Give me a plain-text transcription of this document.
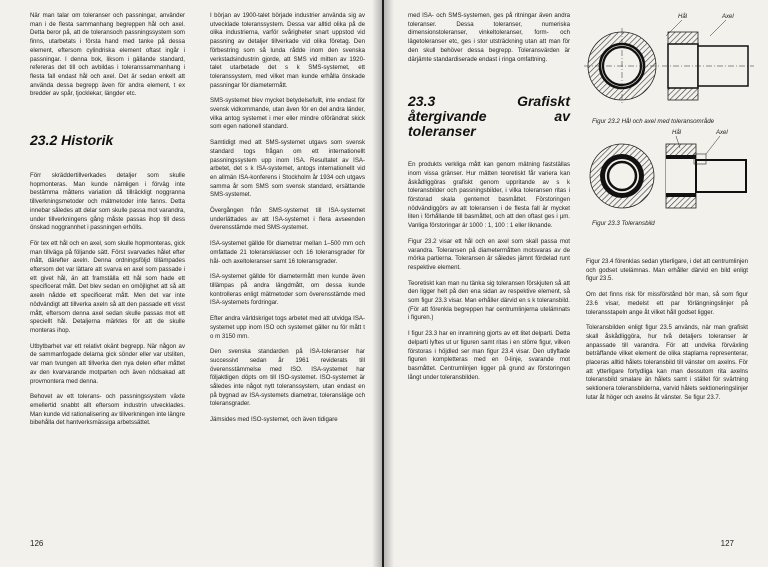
När man talar om toleranser och passningar, använder man i de flesta sammanhang begreppen hål och axel. Detta beror på, att de toleransoch passningssystem som finns, utarbetats i första hand med tanke på dessa element, eftersom cylindriska element oftast ingår i passningar. I denna bok, liksom i gällande standard, refereras det till och avbildas i toleranssammanhang i flesta fall endast hål och axel. Det är sedan enkelt att använda dessa begrepp även för andra element, t ex bredder av spår, tjocklekar, längder etc.

23.2 Historik

Förr skräddertillverkades detaljer som skulle hopmonteras. Man kunde nämligen i förväg inte bestämma måttens variation då tillräckligt noggranna tillverkningsmetoder och mätmetoder inte fanns. Detta innebar således att delar som skulle passa mot varandra, under tillverkningens gång måste passas ihop till dess önskad noggrannhet i passningen erhölls.

För tex ett hål och en axel, som skulle hopmonteras, gick man tillväga på följande sätt. Först svarvades hålet efter mått, därefter axeln. Denna ordningsföljd tillämpades eftersom det var lättare att svarva en axel som passade i ett givet hål, än att framställa ett hål som hade ett specificerat mått. Det blev sedan en omöjlighet att så att axeln nådde ett specificerat mått. Men det var inte nödvändigt att tillverka axeln så att den passade ett visst mått, eftersom denna axel sedan skulle passas mot ett speciellt hål. Detaljerna märktes för att de skulle monteras ihop.

Utbytbarhet var ett relativt okänt begrepp. När någon av de sammanfogade delarna gick sönder eller var utsliten, var man tvungen att tillverka den nya delen efter måttet av den kvarvarande motparten och även nödsakad att provmontera med denna.

Behovet av ett tolerans- och passningssystem växte emellertid snabbt allt eftersom industrin utvecklades. Man kunde vid rationalisering av tillverkningen inte längre bibehålla det hantverksmässiga arbetssättet.

I början av 1900-talet började industrier använda sig av utvecklade toleranssystem. Dessa var alltid olika på de olika industrierna, varför svårigheter snart uppstod vid passning av detaljer tillverkade vid olika företag. Den förbestring som så lunda rådde inom den svenska verkstadsindustrin gjorde, att SMS vid mitten av 1920-talet utarbetade det s k SMS-systemet, ett toleranssystem, med vilket man kunde erhålla önskade passningar för diametermått.

SMS-systemet blev mycket betydelsefullt, inte endast för svensk vidkommande, utan även för en del andra länder, vilka antog systemet i mer eller mindre oförändrat skick som egen nationell standard.

Samtidigt med att SMS-systemet utgavs som svensk standard togs frågan om ett internationellt passningssystem upp inom ISA. Resultatet av ISA-arbetet, det s k ISA-systemet, antogs internationellt vid en allmän ISA-konferens i Stockholm år 1934 och utgavs samma år som SMS som svensk standard, ersättande SMS-systemet.

Övergången från SMS-systemet till ISA-systemet underlättades av att ISA-systemet i flera avseenden överensstämde med SMS-systemet.

ISA-systemet gällde för diametrar mellan 1–500 mm och omfattade 21 toleransklasser och 16 toleransgrader för hål- och axeltoleranser samt 16 toleransgrader.

ISA-systemet gällde för diametermått men kunde även tillämpas på andra längdmått, om dessa kunde kontrolleras enligt mätmetoder som överensstämde med ISA-systemets fordringar.

Efter andra världskriget togs arbetet med att utvidga ISA-systemet upp inom ISO och systemet gäller nu för mått t o m 3150 mm.

Den svenska standarden på ISA-toleranser har successivt sedan år 1961 reviderats till överensstämmelse med ISO. ISA-systemet har följaktligen döpts om till ISO-systemet. ISO-systemet är således inte något nytt toleranssystem, utan endast en på bygnad av ISA-systemets diametrar, toleransläge och toleransgrader.

Jämsides med ISO-systemet, och även tidigare

126

med ISA- och SMS-systemen, ges på ritningar även andra toleranser. Dessa toleranser, numeriska dimensionstoleranser, vinkeltoleranser, form- och lägetoleranser etc, ges i stor utsträckning utan att man för den skull behöver dessa begrepp. Toleransvärden är därjämte standardiserade endast i ringa omfattning.

23.3 Grafiskt återgivande av toleranser

En produkts verkliga mått kan genom mätning fastställas inom vissa gränser. Hur mätten teoretiskt får variera kan åskådliggöras grafiskt genom uppritande av s k toleransbilder och passningsbilder, i vilka toleransen ritas i förstorad skala gentemot basmåttet. Förstoringen nödvändiggörs av att toleransen i de flesta fall är mycket liten i förhållande till basmåttet, och att den oftast ges i µm. Vanliga förstoringar är 1000 : 1, 100 : 1 eller liknande.

Figur 23.2 visar ett hål och en axel som skall passa mot varandra. Toleransen på diametermåtten motsvaras av de mörka partierna. Toleransen är således jämnt fördelad runt respektive element.

Teoretiskt kan man nu tänka sig toleransen förskjuten så att den ligger helt på den ena sidan av respektive element, så som figur 23.3 visar. Man erhåller därvid en s k toleransbild. (För att förenkla begreppen har centrumlinjerna utelämnats i figuren.)

I figur 23.3 har en inramning gjorts av ett litet delparti. Detta delparti lyftes ut ur figuren samt ritas i en större figur, vilken förstoras i höjdled ser man figur 23.4 visar. Den utlyftade figuren kompletteras med en 0-linje, svarande mot basmåttet. Centrumlinjen ligger på grund av förstoringen långt under toleransbilden.

Hål	Axel
Figur 23.2 Hål och axel med toleransområde
Hål	Axel
Figur 23.3 Toleransbild

Figur 23.4 förenklas sedan ytterligare, i det att centrumlinjen och godset utelämnas. Man erhåller därvid en bild enligt figur 23.5.

Om det finns risk för missförstånd bör man, så som figur 23.6 visar, medelst ett par förlängningslinjer på toleransstapeln ange åt vilket håll godset ligger.

Toleransbilden enligt figur 23.5 används, när man grafiskt skall åskådliggöra, hur två detaljers toleranser är anpassade till varandra. För att undvika förväxling beträffande vilket element de olika staplarna representerar, placeras alltid hålets toleransbild till vänster om axelns. För att ytterligare fortydliga kan man dessutom rita axelns toleransbild smalare än hålets samt i stället för svärtning sektionera toleransbilderna, varvid hålets sektioneringslinjer lutar åt höger och axelns åt vänster. Se figur 23.7.

127
